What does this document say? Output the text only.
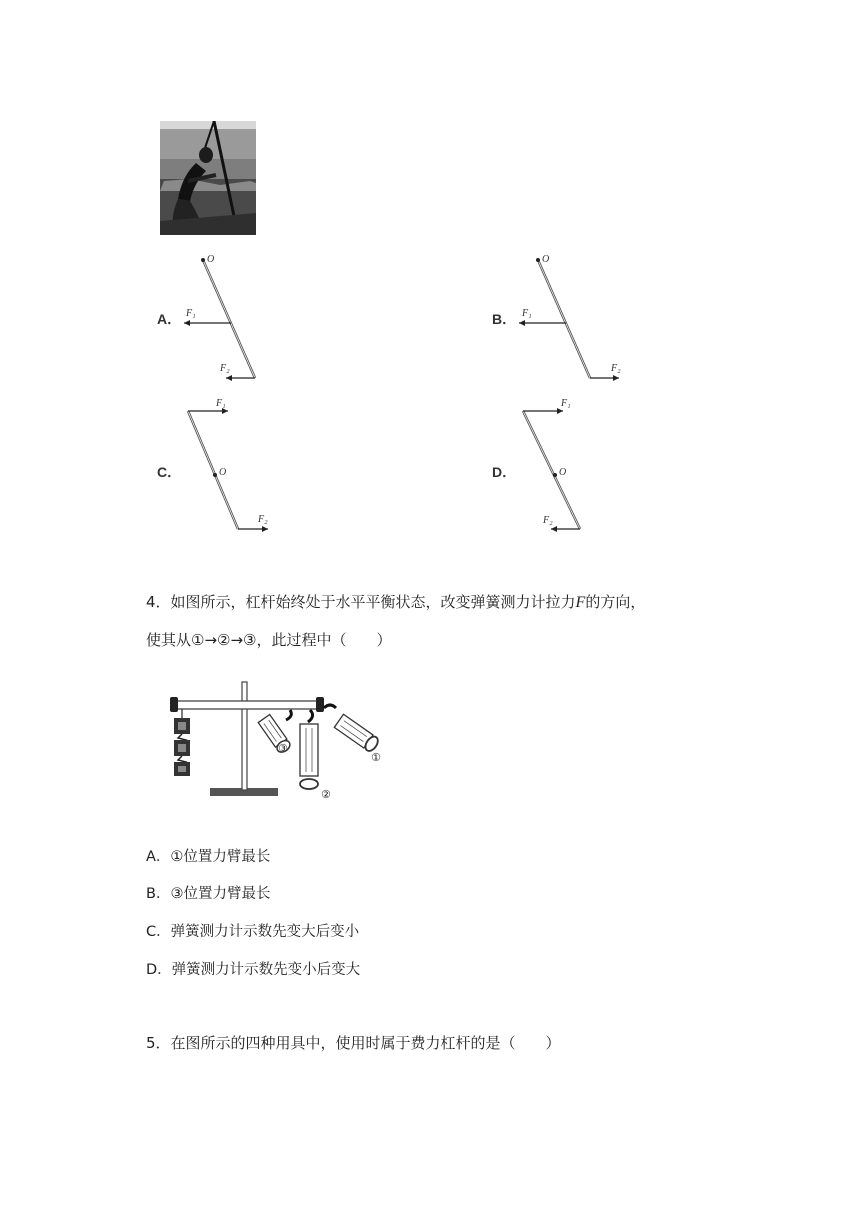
A．
O
F₁
F₂
B．
O
F₁
F₂
C．	O
F₁
F₂
D．	O
F₁
F₂
4．如图所示，杠杆始终处于水平平衡状态，改变弹簧测力计拉力F的方向，
使其从①→②→③，此过程中（　　）
③
②
①
A．①位置力臂最长
B．③位置力臂最长
C．弹簧测力计示数先变大后变小
D．弹簧测力计示数先变小后变大
5．在图所示的四种用具中，使用时属于费力杠杆的是（　　）
